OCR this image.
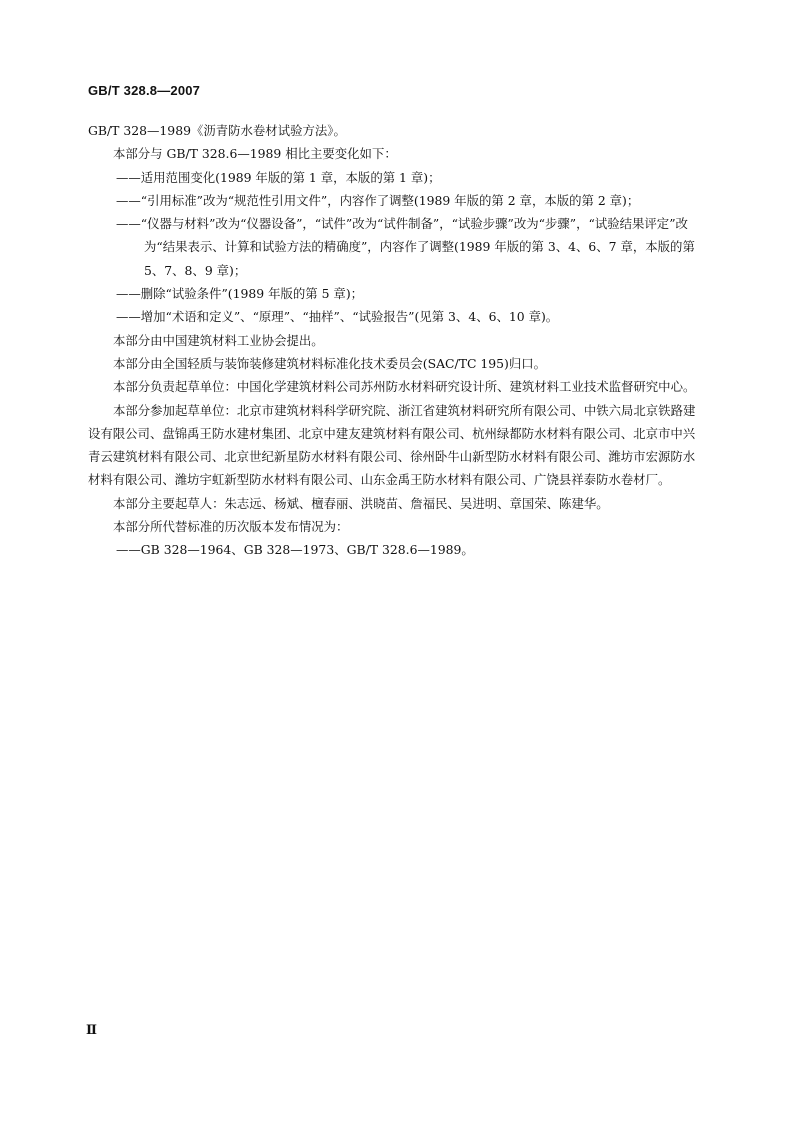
GB/T 328.8—2007

GB/T 328—1989《沥青防水卷材试验方法》。

本部分与 GB/T 328.6—1989 相比主要变化如下：

——适用范围变化(1989 年版的第 1 章，本版的第 1 章)；

——“引用标准”改为“规范性引用文件”，内容作了调整(1989 年版的第 2 章，本版的第 2 章)；

——“仪器与材料”改为“仪器设备”，“试件”改为“试件制备”，“试验步骤”改为“步骤”，“试验结果评定”改为“结果表示、计算和试验方法的精确度”，内容作了调整(1989 年版的第 3、4、6、7 章，本版的第 5、7、8、9 章)；

——删除“试验条件”(1989 年版的第 5 章)；

——增加“术语和定义”、“原理”、“抽样”、“试验报告”(见第 3、4、6、10 章)。

本部分由中国建筑材料工业协会提出。

本部分由全国轻质与装饰装修建筑材料标准化技术委员会(SAC/TC 195)归口。

本部分负责起草单位：中国化学建筑材料公司苏州防水材料研究设计所、建筑材料工业技术监督研究中心。

本部分参加起草单位：北京市建筑材料科学研究院、浙江省建筑材料研究所有限公司、中铁六局北京铁路建设有限公司、盘锦禹王防水建材集团、北京中建友建筑材料有限公司、杭州绿都防水材料有限公司、北京市中兴青云建筑材料有限公司、北京世纪新星防水材料有限公司、徐州卧牛山新型防水材料有限公司、潍坊市宏源防水材料有限公司、潍坊宇虹新型防水材料有限公司、山东金禹王防水材料有限公司、广饶县祥泰防水卷材厂。

本部分主要起草人：朱志远、杨斌、檀春丽、洪晓苗、詹福民、吴进明、章国荣、陈建华。

本部分所代替标准的历次版本发布情况为：

——GB 328—1964、GB 328—1973、GB/T 328.6—1989。

Ⅱ
